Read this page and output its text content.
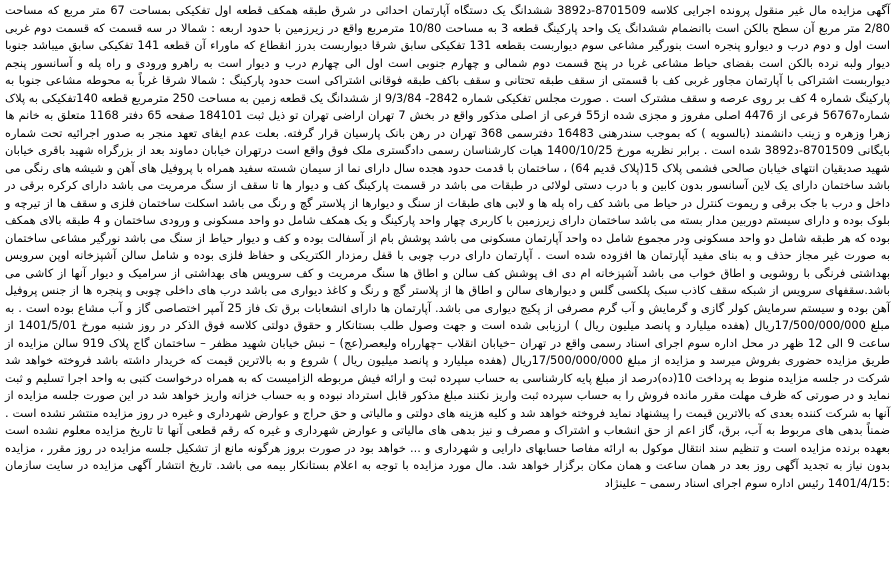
آگهی مزایده مال غیر منقول پرونده اجرایی کلاسه 8701509-د3892 ششدانگ یک دستگاه آپارتمان احداثی در شرق طبقه همکف قطعه اول تفکیکی بمساحت 67 متر مربع که مساحت 2/80 متر مربع آن سطح بالکن است باانضمام ششدانگ یک واحد پارکینگ قطعه 3 به مساحت 10/80 مترمربع واقع در زیرزمین با حدود اربعه‌ : شمالا در سه قسمت که قسمت دوم غربی است اول و دوم درب و دیوارو پنجره است بنورگیر مشاعی سوم دیواربست بقطعه 131 تفکیکی سابق شرقا دیواربست بدرز انقطاع که ماوراء آن قطعه 141 تفکیکی سابق میباشد جنوبا دیوار ولبه نرده بالکن است بفضای حیاط مشاعی غربا در پنج قسمت دوم شمالی و چهارم جنوبی است اول الی چهارم درب و دیوار است به راهرو ورودی و راه پله و آسانسور پنجم دیواربست اشتراکی با آپارتمان مجاور غربی کف با قسمتی از سقف طبقه تحتانی و سقف باکف طبقه فوقانی اشتراکی است حدود پارکینگ : شمالا شرقا غرباً به محوطه مشاعی جنوبا به پارکینگ شماره 4 کف بر روی عرصه و سقف مشترک است . صورت مجلس تفکیکی شماره 2842- 9/3/84 از ششدانگ یک قطعه زمین به مساحت 250 مترمربع قطعه 140تفکیکی به پلاک شماره56767 فرعی از 4476 اصلی مفروز و مجزی شده از55 فرعی از اصلی مذکور واقع در بخش 7 تهران اراضی تهران تو ذیل ثبت 184101 صفحه 65 دفتر 1168 متعلق به خانم ها زهرا وزهره و زینب دانشمند (بالسویه ) که بموجب سندرهنی 16483 دفترسمی 368 تهران در رهن بانک پارسیان قرار گرفته. بعلت عدم ایفای تعهد منجر به صدور اجرائیه تحت شماره بایگانی 8701509-د3892 شده است . برابر نظریه مورخ 1400/10/25 هیات کارشناسان رسمی دادگستری ملک فوق واقع است درتهران خیابان دماوند بعد از بزرگراه شهید باقری خیابان شهید صدیقیان انتهای خیابان صالحی فشمی پلاک 15(پلاک قدیم 64) ، ساختمان با قدمت حدود هجده سال دارای نما از سیمان شسته سفید همراه با پروفیل های آهن و شیشه های رنگی می باشد ساختمان دارای یک لاین آسانسور بدون کابین و با درب دستی لولائی در طبقات می باشد در قسمت پارکینگ کف و دیوار ها تا سقف از سنگ مرمریت می باشد دارای کرکره برقی در داخل و درب با جک برقی و ریموت کنترل در حیاط می باشد کف راه پله ها و لابی های طبقات از سنگ و دیوارها از پلاستر گچ و رنگ می باشد اسکلت ساختمان فلزی و سقف ها از تیرچه و بلوک بوده و دارای سیستم دوربین مدار بسته می باشد ساختمان دارای زیرزمین با کاربری چهار واحد پارکینگ و یک همکف شامل دو واحد مسکونی و ورودی ساختمان و 4 طبقه بالای همکف بوده که هر طبقه شامل دو واحد مسکونی ودر مجموع شامل ده واحد آپارتمان مسکونی می باشد پوشش بام از آسفالت بوده و کف و دیوار حیاط از سنگ می باشد نورگیر مشاعی ساختمان به صورت غیر مجاز حذف و به بنای مفید آپارتمان ها افزوده شده است . آپارتمان دارای درب چوبی با قفل رمزدار الکتریکی و حفاظ فلزی بوده و شامل سالن آشپزخانه اوپن سرویس بهداشتی فرنگی با روشویی و اطاق خواب می باشد آشپزخانه ام دی اف پوشش کف سالن و اطاق ها سنگ مرمریت و کف سرویس های بهداشتی از سرامیک و دیوار آنها از کاشی می باشد.سقفهای سرویس از شبکه سقف کاذب سبک پلکسی گلس و دیوارهای سالن و اطاق ها از پلاستر گچ و رنگ و کاغذ دیواری می باشد درب های داخلی چوبی و پنجره ها از جنس پروفیل آهن بوده و سیستم سرمایش کولر گازی و گرمایش و آب گرم مصرفی از پکیج دیواری می باشد. آپارتمان ها دارای انشعابات برق تک فاز 25 آمپر اختصاصی گاز و آب مشاع بوده است . به مبلغ 17/500/000/000ریال (هفده میلیارد و پانصد میلیون ریال ) ارزیابی شده است و جهت وصول طلب بستانکار و حقوق دولتی کلاسه فوق الذکر در روز شنبه مورخ 1401/5/01 از ساعت 9 الی 12 ظهر در محل اداره سوم اجرای اسناد رسمی واقع در تهران –خیابان انقلاب –چهارراه ولیعصر(عج) – نبش خیابان شهید مظفر – ساختمان گاج پلاک 919 سالن مزایده از طریق مزایده حضوری بفروش میرسد و مزایده از مبلغ 17/500/000/000ریال (هفده میلیارد و پانصد میلیون ریال ) شروع و به بالاترین قیمت که خریدار داشته باشد فروخته خواهد شد شرکت در جلسه مزایده منوط به پرداخت 10(ده)درصد از مبلغ پایه کارشناسی به حساب سپرده ثبت و ارائه فیش مربوطه الزامیست که به همراه درخواست کتبی به واحد اجرا تسلیم و ثبت نماید و در صورتی که ظرف مهلت مقرر مانده فروش را به حساب سپرده ثبت واریز نکنند مبلغ مذکور قابل استرداد نبوده و به حساب خزانه واریز خواهد شد در این صورت جلسه مزایده از آنها به شرکت کننده بعدی که بالاترین قیمت را پیشنهاد نماید فروخته خواهد شد و کلیه هزینه های دولتی و مالیاتی و حق حراج و عوارض شهرداری و غیره در روز مزایده منتشر نشده است . ضمناً بدهی های مربوط به آب، برق، گاز اعم از حق انشعاب و اشتراک و مصرف و نیز بدهی های مالیاتی و عوارض شهرداری و غیره که رقم قطعی آنها تا تاریخ مزایده معلوم نشده است بعهده برنده مزایده است و تنظیم سند انتقال موکول به ارائه مفاصا حسابهای دارایی و شهرداری و ... خواهد بود در صورت بروز هرگونه مانع از تشکیل جلسه مزایده در روز مقرر ، مزایده بدون نیاز به تجدید آگهی روز بعد در همان ساعت و همان مکان برگزار خواهد شد. مال مورد مزایده با توجه به اعلام بستانکار بیمه می باشد. تاریخ انتشار آگهی مزایده در سایت سازمان :1401/4/15 رئیس اداره سوم اجرای اسناد رسمی – علینژاد
